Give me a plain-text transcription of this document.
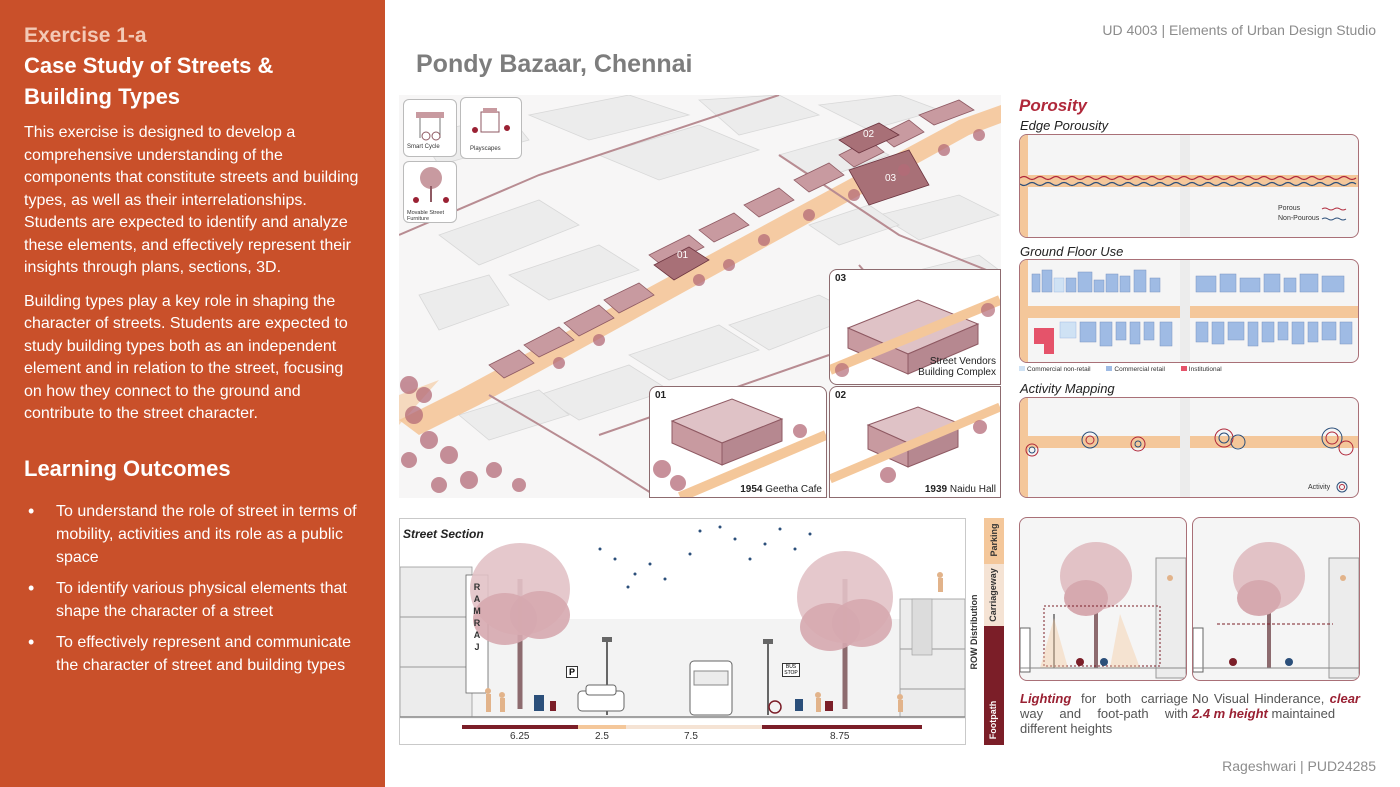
Exercise 1-a
Case Study of Streets &
Building Types

This exercise is designed to develop a comprehensive understanding of the components that constitute streets and building types, as well as their interrelationships. Students are expected to identify and analyze these elements, and effectively represent their insights through plans, sections, 3D.

Building types play a key role in shaping the character of streets. Students are expected to study building types both as an independent element and in relation to the street, focusing on how they connect to the ground and contribute to the street character.

Learning Outcomes
• To understand the role of street in terms of mobility, activities and its role as a public space
• To identify various physical elements that shape the character of a street
• To effectively represent and communicate the character of street and building types
UD 4003 | Elements of Urban Design Studio
Pondy Bazaar, Chennai
Rageshwari | PUD24285
01
02
03
Smart Cycle	Playscapes
Movable Street Furniture
03
Street Vendors
Building Complex
01
1954 Geetha Cafe
02
1939 Naidu Hall
Porosity
Edge Porousity
Porous
Non-Pourous
Ground Floor Use
Commercial non-retail	Commercial retail	Institutional
Activity Mapping
Activity
Street Section
R
A
M
R
A
J
P	BUS STOP
6.25	2.5	7.5	8.75
ROW Distribution
Parking
Carriageway
Footpath
Lighting for both carriage way and foot-path with different heights
No Visual Hinderance, clear 2.4 m height maintained
